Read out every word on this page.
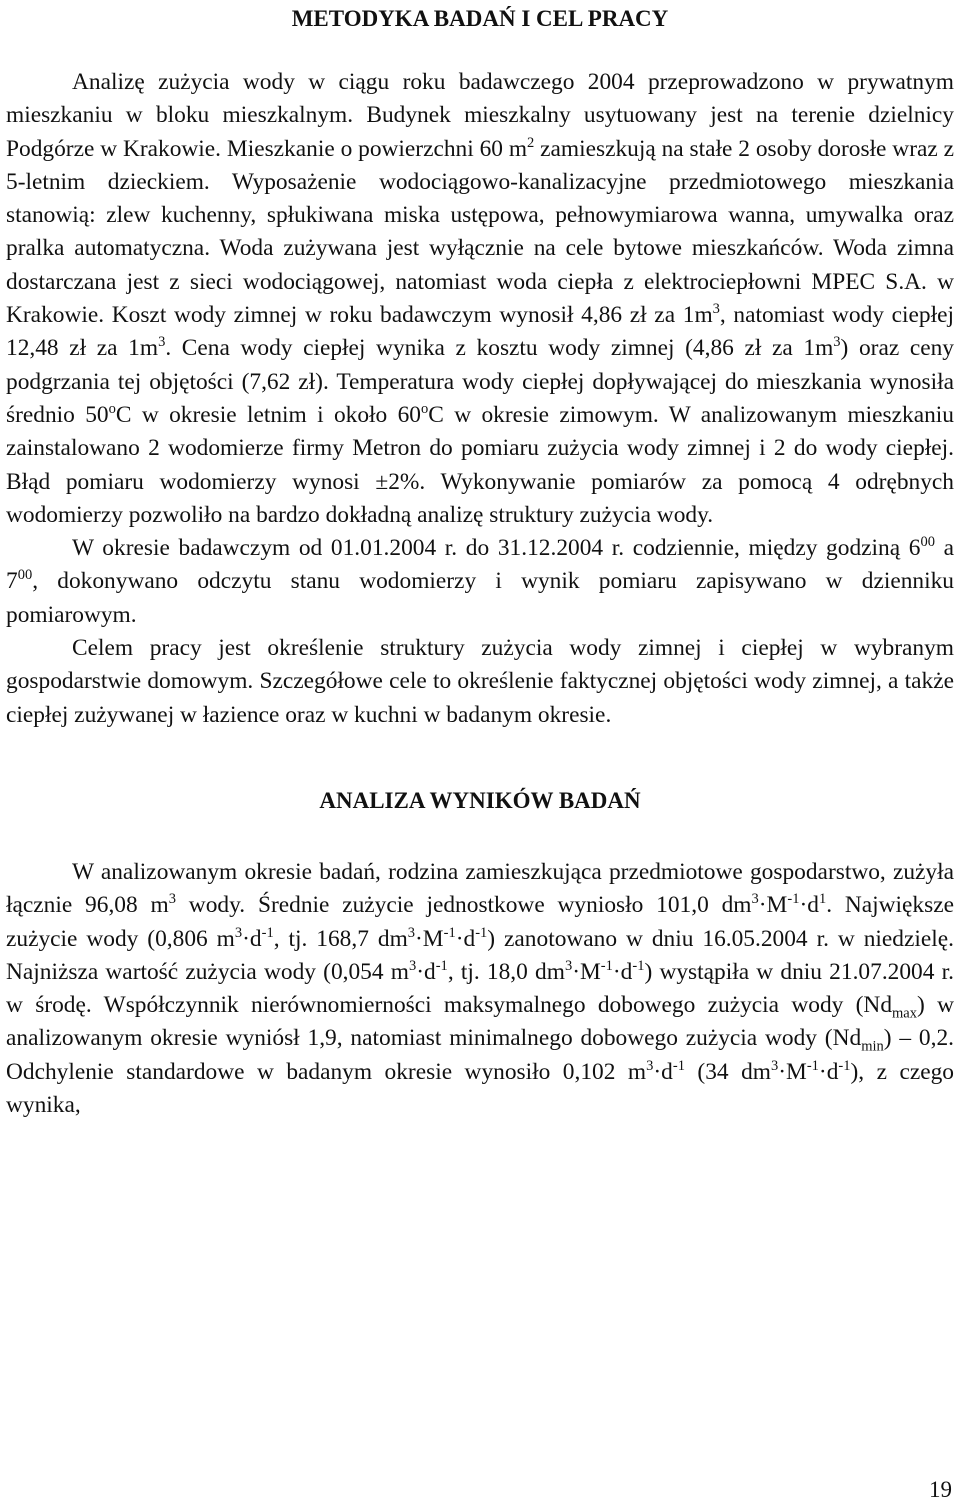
METODYKA BADAŃ I CEL PRACY

Analizę zużycia wody w ciągu roku badawczego 2004 przeprowadzono w prywatnym mieszkaniu w bloku mieszkalnym. Budynek mieszkalny usytuowany jest na terenie dzielnicy Podgórze w Krakowie. Mieszkanie o powierzchni 60 $m^2$ zamieszkują na stałe 2 osoby dorosłe wraz z 5-letnim dzieckiem. Wyposażenie wodociągowo-kanalizacyjne przedmiotowego mieszkania stanowią: zlew kuchenny, spłukiwana miska ustępowa, pełnowymiarowa wanna, umywalka oraz pralka automatyczna. Woda zużywana jest wyłącznie na cele bytowe mieszkańców. Woda zimna dostarczana jest z sieci wodociągowej, natomiast woda ciepła z elektrociepłowni MPEC S.A. w Krakowie. Koszt wody zimnej w roku badawczym wynosił 4,86 zł za $1m^3$, natomiast wody ciepłej 12,48 zł za $1m^3$. Cena wody ciepłej wynika z kosztu wody zimnej (4,86 zł za $1m^3$) oraz ceny podgrzania tej objętości (7,62 zł). Temperatura wody ciepłej dopływającej do mieszkania wynosiła średnio 50$^o$C w okresie letnim i około 60$^o$C w okresie zimowym. W analizowanym mieszkaniu zainstalowano 2 wodomierze firmy Metron do pomiaru zużycia wody zimnej i 2 do wody ciepłej. Błąd pomiaru wodomierzy wynosi ±2%. Wykonywanie pomiarów za pomocą 4 odrębnych wodomierzy pozwoliło na bardzo dokładną analizę struktury zużycia wody.

W okresie badawczym od 01.01.2004 r. do 31.12.2004 r. codziennie, między godziną $6^{00}$ a $7^{00}$, dokonywano odczytu stanu wodomierzy i wynik pomiaru zapisywano w dzienniku pomiarowym.

Celem pracy jest określenie struktury zużycia wody zimnej i ciepłej w wybranym gospodarstwie domowym. Szczegółowe cele to określenie faktycznej objętości wody zimnej, a także ciepłej zużywanej w łazience oraz w kuchni w badanym okresie.

ANALIZA WYNIKÓW BADAŃ

W analizowanym okresie badań, rodzina zamieszkująca przedmiotowe gospodarstwo, zużyła łącznie 96,08 $m^3$ wody. Średnie zużycie jednostkowe wyniosło 101,0 $dm^3\cdot M^{-1}\cdot d^1$. Największe zużycie wody (0,806 $m^3\cdot d^{-1}$, tj. 168,7 $dm^3\cdot M^{-1}\cdot d^{-1}$) zanotowano w dniu 16.05.2004 r. w niedzielę. Najniższa wartość zużycia wody (0,054 $m^3\cdot d^{-1}$, tj. 18,0 $dm^3\cdot M^{-1}\cdot d^{-1}$) wystąpiła w dniu 21.07.2004 r. w środę. Współczynnik nierównomierności maksymalnego dobowego zużycia wody $(Nd_{max})$ w analizowanym okresie wyniósł 1,9, natomiast minimalnego dobowego zużycia wody $(Nd_{min}) - 0,2$. Odchylenie standardowe w badanym okresie wynosiło 0,102 $m^3\cdot d^{-1}$ (34 $dm^3\cdot M^{-1}\cdot d^{-1}$), z czego wynika,

19
